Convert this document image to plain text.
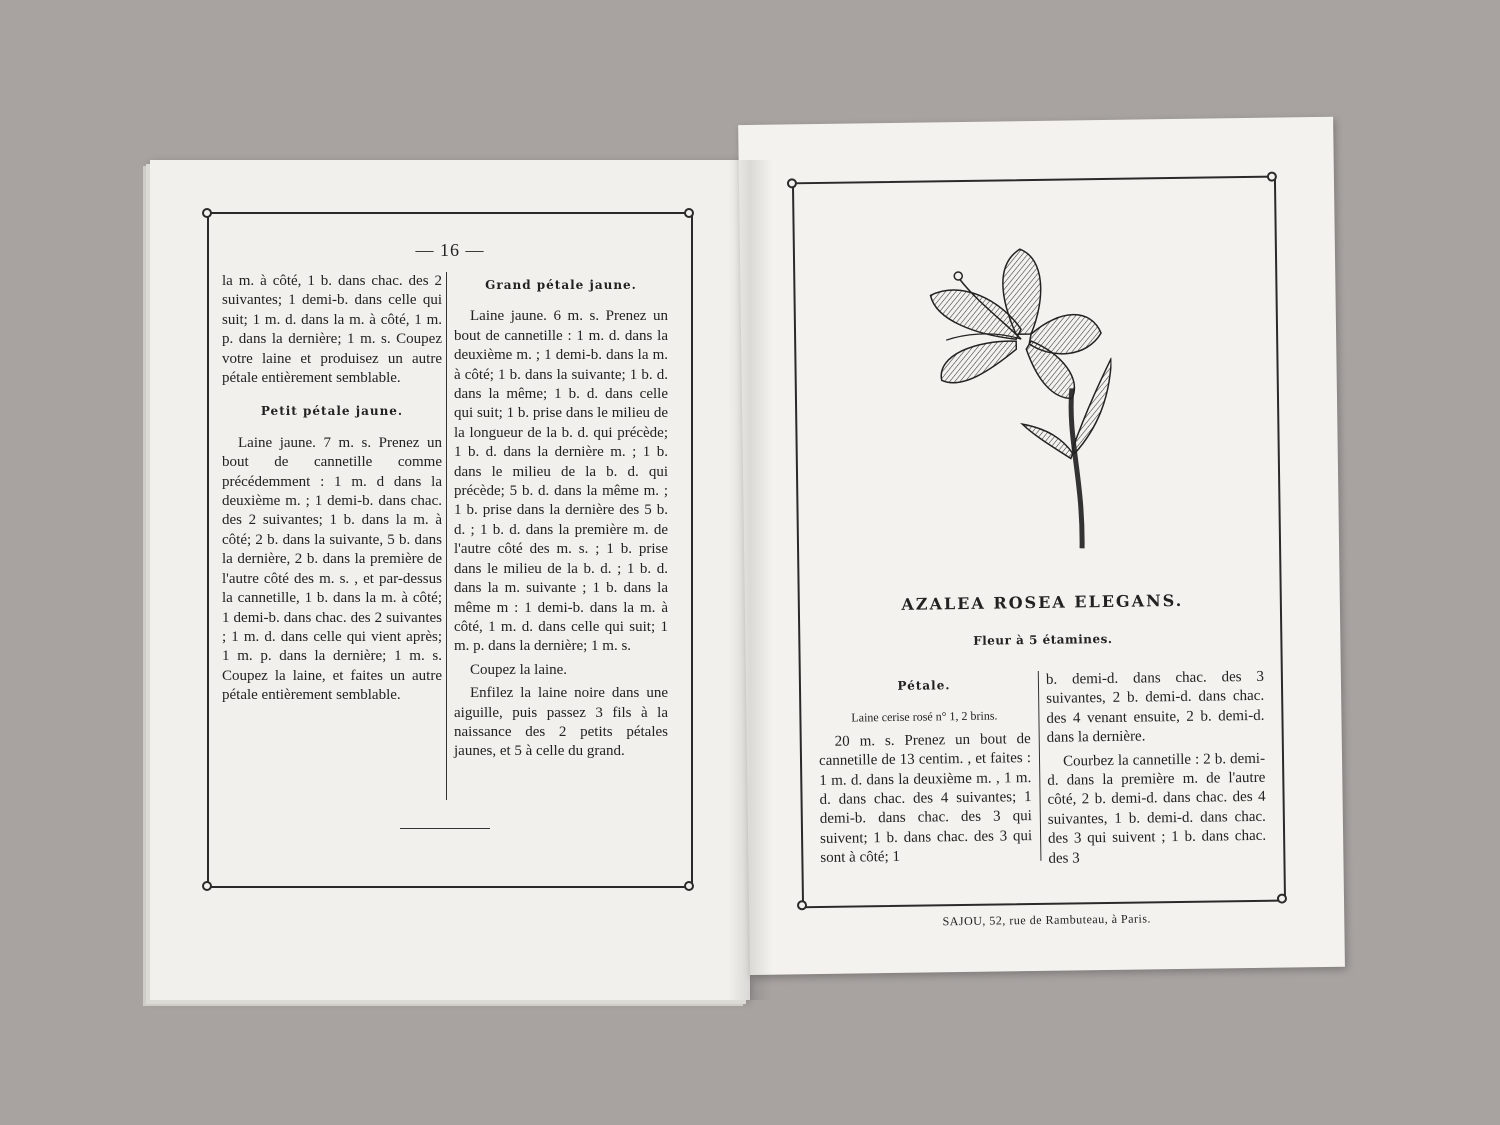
— 16 —

la m. à côté, 1 b. dans chac. des 2 suivantes; 1 demi-b. dans celle qui suit; 1 m. d. dans la m. à côté, 1 m. p. dans la dernière; 1 m. s. Coupez votre laine et produisez un autre pétale entièrement semblable.

Petit pétale jaune.

Laine jaune. 7 m. s. Prenez un bout de cannetille comme précédemment : 1 m. d dans la deuxième m. ; 1 demi-b. dans chac. des 2 suivantes; 1 b. dans la m. à côté; 2 b. dans la suivante, 5 b. dans la dernière, 2 b. dans la première de l'autre côté des m. s. , et par-dessus la cannetille, 1 b. dans la m. à côté; 1 demi-b. dans chac. des 2 suivantes ; 1 m. d. dans celle qui vient après; 1 m. p. dans la dernière; 1 m. s. Coupez la laine, et faites un autre pétale entièrement semblable.

Grand pétale jaune.

Laine jaune. 6 m. s. Prenez un bout de cannetille : 1 m. d. dans la deuxième m. ; 1 demi-b. dans la m. à côté; 1 b. dans la suivante; 1 b. d. dans la même; 1 b. d. dans celle qui suit; 1 b. prise dans le milieu de la longueur de la b. d. qui précède; 1 b. d. dans la dernière m. ; 1 b. dans le milieu de la b. d. qui précède; 5 b. d. dans la même m. ; 1 b. prise dans la dernière des 5 b. d. ; 1 b. d. dans la première m. de l'autre côté des m. s. ; 1 b. prise dans le milieu de la b. d. ; 1 b. d. dans la m. suivante ; 1 b. dans la même m : 1 demi-b. dans la m. à côté, 1 m. d. dans celle qui suit; 1 m. p. dans la dernière; 1 m. s.

Coupez la laine.

Enfilez la laine noire dans une aiguille, puis passez 3 fils à la naissance des 2 petits pétales jaunes, et 5 à celle du grand.

AZALEA ROSEA ELEGANS.
Fleur à 5 étamines.
Pétale.

Laine cerise rosé n° 1, 2 brins.

20 m. s. Prenez un bout de cannetille de 13 centim. , et faites : 1 m. d. dans la deuxième m. , 1 m. d. dans chac. des 4 suivantes; 1 demi-b. dans chac. des 3 qui suivent; 1 b. dans chac. des 3 qui sont à côté; 1

b. demi-d. dans chac. des 3 suivantes, 2 b. demi-d. dans chac. des 4 venant ensuite, 2 b. demi-d. dans la dernière.

Courbez la cannetille : 2 b. demi-d. dans la première m. de l'autre côté, 2 b. demi-d. dans chac. des 4 suivantes, 1 b. demi-d. dans chac. des 3 qui suivent ; 1 b. dans chac. des 3

SAJOU, 52, rue de Rambuteau, à Paris.
